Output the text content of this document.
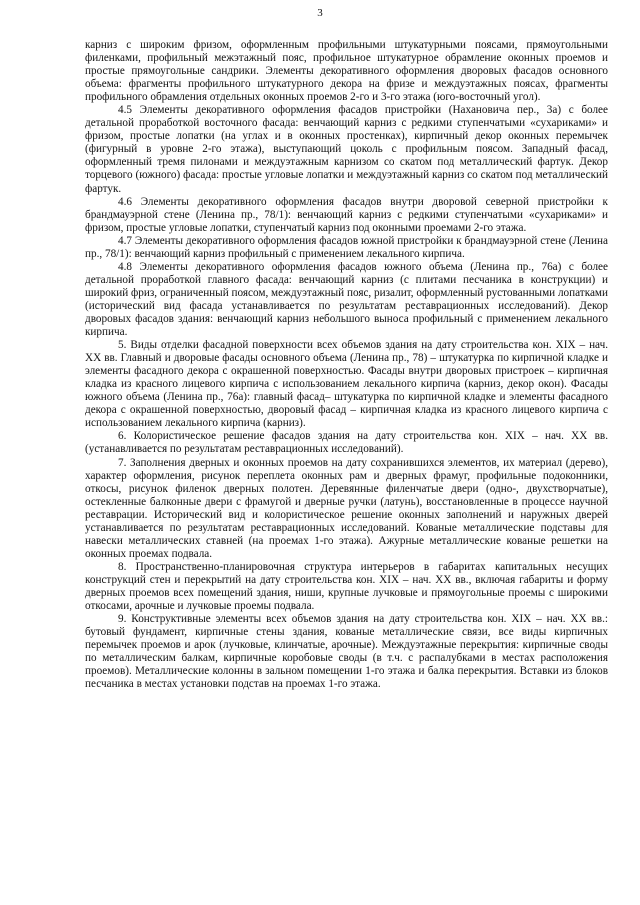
3

карниз с широким фризом, оформленным профильными штукатурными поясами, прямоугольными филенками, профильный межэтажный пояс, профильное штукатурное обрамление оконных проемов и простые прямоугольные сандрики. Элементы декоративного оформления дворовых фасадов основного объема: фрагменты профильного штукатурного декора на фризе и междуэтажных поясах, фрагменты профильного обрамления отдельных оконных проемов 2-го и 3-го этажа (юго-восточный угол).

4.5 Элементы декоративного оформления фасадов пристройки (Нахановича пер., 3а) с более детальной проработкой восточного фасада: венчающий карниз с редкими ступенчатыми «сухариками» и фризом, простые лопатки (на углах и в оконных простенках), кирпичный декор оконных перемычек (фигурный в уровне 2-го этажа), выступающий цоколь с профильным поясом. Западный фасад, оформленный тремя пилонами и междуэтажным карнизом со скатом под металлический фартук. Декор торцевого (южного) фасада: простые угловые лопатки и междуэтажный карниз со скатом под металлический фартук.

4.6 Элементы декоративного оформления фасадов внутри дворовой северной пристройки к брандмауэрной стене (Ленина пр., 78/1): венчающий карниз с редкими ступенчатыми «сухариками» и фризом, простые угловые лопатки, ступенчатый карниз под оконными проемами 2-го этажа.

4.7 Элементы декоративного оформления фасадов южной пристройки к брандмауэрной стене (Ленина пр., 78/1): венчающий карниз профильный с применением лекального кирпича.

4.8 Элементы декоративного оформления фасадов южного объема (Ленина пр., 76а) с более детальной проработкой главного фасада: венчающий карниз (с плитами песчаника в конструкции) и широкий фриз, ограниченный поясом, междуэтажный пояс, ризалит, оформленный рустованными лопатками (исторический вид фасада устанавливается по результатам реставрационных исследований). Декор дворовых фасадов здания: венчающий карниз небольшого выноса профильный с применением лекального кирпича.

5. Виды отделки фасадной поверхности всех объемов здания на дату строительства кон. XIX – нач. XX вв. Главный и дворовые фасады основного объема (Ленина пр., 78) – штукатурка по кирпичной кладке и элементы фасадного декора с окрашенной поверхностью. Фасады внутри дворовых пристроек – кирпичная кладка из красного лицевого кирпича с использованием лекального кирпича (карниз, декор окон). Фасады южного объема (Ленина пр., 76а): главный фасад– штукатурка по кирпичной кладке и элементы фасадного декора с окрашенной поверхностью, дворовый фасад – кирпичная кладка из красного лицевого кирпича с использованием лекального кирпича (карниз).

6. Колористическое решение фасадов здания на дату строительства кон. XIX – нач. XX вв. (устанавливается по результатам реставрационных исследований).

7. Заполнения дверных и оконных проемов на дату сохранившихся элементов, их материал (дерево), характер оформления, рисунок переплета оконных рам и дверных фрамуг, профильные подоконники, откосы, рисунок филенок дверных полотен. Деревянные филенчатые двери (одно-, двухстворчатые), остекленные балконные двери с фрамугой и дверные ручки (латунь), восстановленные в процессе научной реставрации. Исторический вид и колористическое решение оконных заполнений и наружных дверей устанавливается по результатам реставрационных исследований. Кованые металлические подставы для навески металлических ставней (на проемах 1-го этажа). Ажурные металлические кованые решетки на оконных проемах подвала.

8. Пространственно-планировочная структура интерьеров в габаритах капитальных несущих конструкций стен и перекрытий на дату строительства кон. XIX – нач. XX вв., включая габариты и форму дверных проемов всех помещений здания, ниши, крупные лучковые и прямоугольные проемы с широкими откосами, арочные и лучковые проемы подвала.

9. Конструктивные элементы всех объемов здания на дату строительства кон. XIX – нач. XX вв.: бутовый фундамент, кирпичные стены здания, кованые металлические связи, все виды кирпичных перемычек проемов и арок (лучковые, клинчатые, арочные). Междуэтажные перекрытия: кирпичные своды по металлическим балкам, кирпичные коробовые своды (в т.ч. с распалубками в местах расположения проемов). Металлические колонны в зальном помещении 1-го этажа и балка перекрытия. Вставки из блоков песчаника в местах установки подстав на проемах 1-го этажа.
